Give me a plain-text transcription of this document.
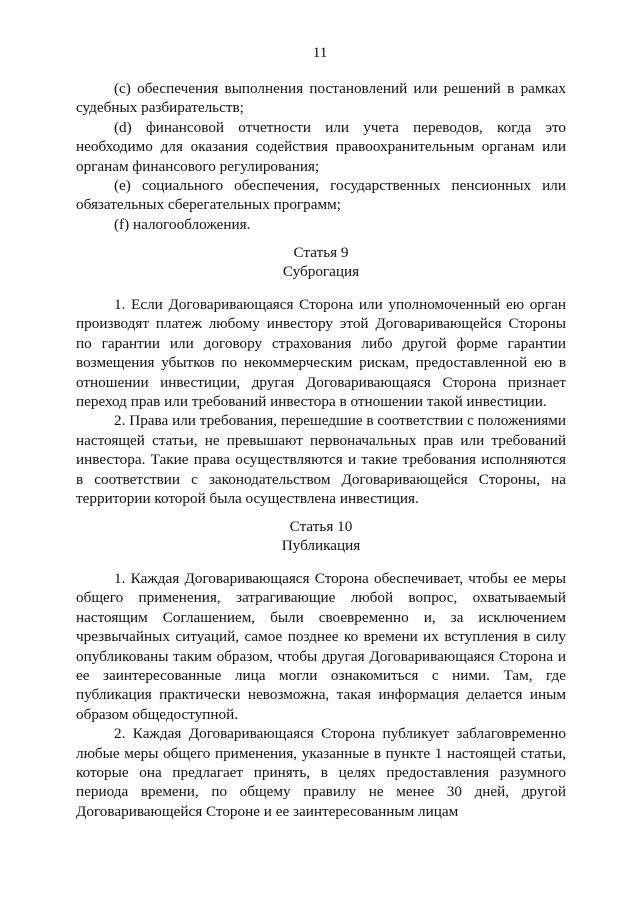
11

(c) обеспечения выполнения постановлений или решений в рамках судебных разбирательств;

(d) финансовой отчетности или учета переводов, когда это необходимо для оказания содействия правоохранительным органам или органам финансового регулирования;

(e) социального обеспечения, государственных пенсионных или обязательных сберегательных программ;

(f) налогообложения.

Статья 9
Суброгация

1. Если Договаривающаяся Сторона или уполномоченный ею орган производят платеж любому инвестору этой Договаривающейся Стороны по гарантии или договору страхования либо другой форме гарантии возмещения убытков по некоммерческим рискам, предоставленной ею в отношении инвестиции, другая Договаривающаяся Сторона признает переход прав или требований инвестора в отношении такой инвестиции.

2. Права или требования, перешедшие в соответствии с положениями настоящей статьи, не превышают первоначальных прав или требований инвестора. Такие права осуществляются и такие требования исполняются в соответствии с законодательством Договаривающейся Стороны, на территории которой была осуществлена инвестиция.

Статья 10
Публикация

1. Каждая Договаривающаяся Сторона обеспечивает, чтобы ее меры общего применения, затрагивающие любой вопрос, охватываемый настоящим Соглашением, были своевременно и, за исключением чрезвычайных ситуаций, самое позднее ко времени их вступления в силу опубликованы таким образом, чтобы другая Договаривающаяся Сторона и ее заинтересованные лица могли ознакомиться с ними. Там, где публикация практически невозможна, такая информация делается иным образом общедоступной.

2. Каждая Договаривающаяся Сторона публикует заблаговременно любые меры общего применения, указанные в пункте 1 настоящей статьи, которые она предлагает принять, в целях предоставления разумного периода времени, по общему правилу не менее 30 дней, другой Договаривающейся Стороне и ее заинтересованным лицам
